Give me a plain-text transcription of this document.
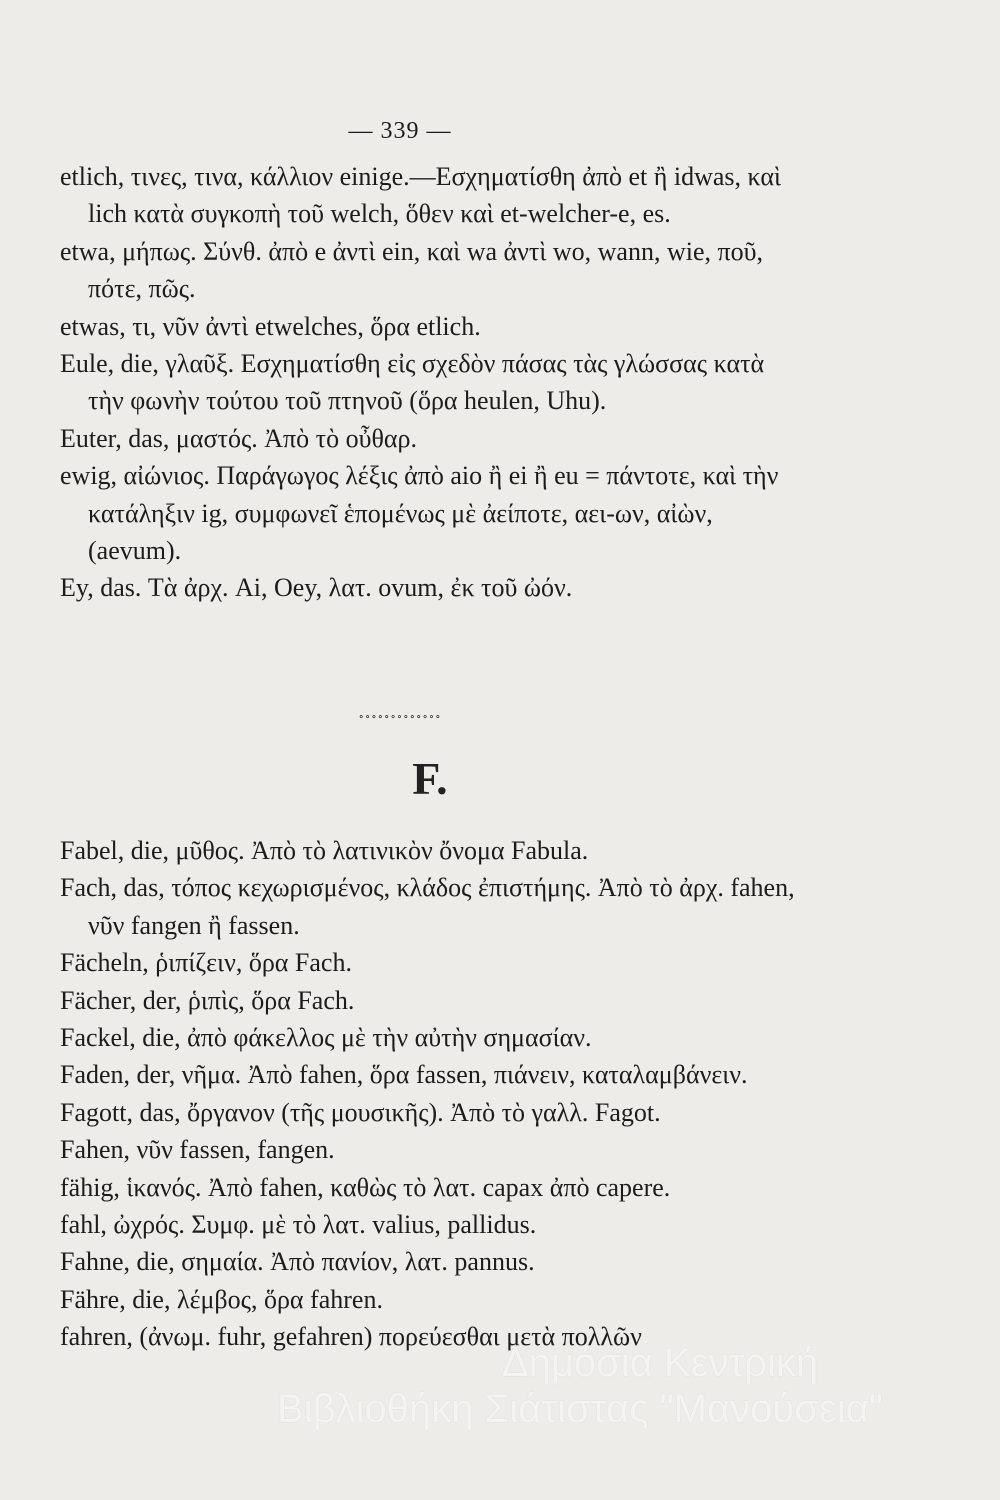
— 339 —
etlich, τινες, τινα, κάλλιον einige.—Εσχηματίσθη ἀπὸ et ἢ idwas, καὶ lich κατὰ συγκοπὴ τοῦ welch, ὅθεν καὶ et-welcher-e, es.
etwa, μήπως. Σύνθ. ἀπὸ e ἀντὶ ein, καὶ wa ἀντὶ wo, wann, wie, ποῦ, πότε, πῶς.
etwas, τι, νῦν ἀντὶ etwelches, ὅρα etlich.
Eule, die, γλαῦξ. Εσχηματίσθη εἰς σχεδὸν πάσας τὰς γλώσσας κατὰ τὴν φωνὴν τούτου τοῦ πτηνοῦ (ὅρα heulen, Uhu).
Euter, das, μαστός. Ἀπὸ τὸ οὖθαρ.
ewig, αἰώνιος. Παράγωγος λέξις ἀπὸ aio ἢ ei ἢ eu = πάντοτε, καὶ τὴν κατάληξιν ig, συμφωνεῖ ἑπομένως μὲ ἀείποτε, αει-ων, αἰὼν, (aevum).
Ey, das. Τὰ ἀρχ. Ai, Oey, λατ. ovum, ἐκ τοῦ ὠόν.
∘∘∘∘∘∘∘∘∘∘∘∘∘
F.
Fabel, die, μῦθος. Ἀπὸ τὸ λατινικὸν ὄνομα Fabula.
Fach, das, τόπος κεχωρισμένος, κλάδος ἐπιστήμης. Ἀπὸ τὸ ἀρχ. fahen, νῦν fangen ἢ fassen.
Fächeln, ῥιπίζειν, ὅρα Fach.
Fächer, der, ῥιπὶς, ὅρα Fach.
Fackel, die, ἀπὸ φάκελλος μὲ τὴν αὐτὴν σημασίαν.
Faden, der, νῆμα. Ἀπὸ fahen, ὅρα fassen, πιάνειν, καταλαμβάνειν.
Fagott, das, ὄργανον (τῆς μουσικῆς). Ἀπὸ τὸ γαλλ. Fagot.
Fahen, νῦν fassen, fangen.
fähig, ἱκανός. Ἀπὸ fahen, καθὼς τὸ λατ. capax ἀπὸ capere.
fahl, ὠχρός. Συμφ. μὲ τὸ λατ. valius, pallidus.
Fahne, die, σημαία. Ἀπὸ πανίον, λατ. pannus.
Fähre, die, λέμβος, ὅρα fahren.
fahren, (ἀνωμ. fuhr, gefahren) πορεύεσθαι μετὰ πολλῶν
Δημόσια Κεντρική
Βιβλιοθήκη Σιάτιστας "Μανούσεια"
